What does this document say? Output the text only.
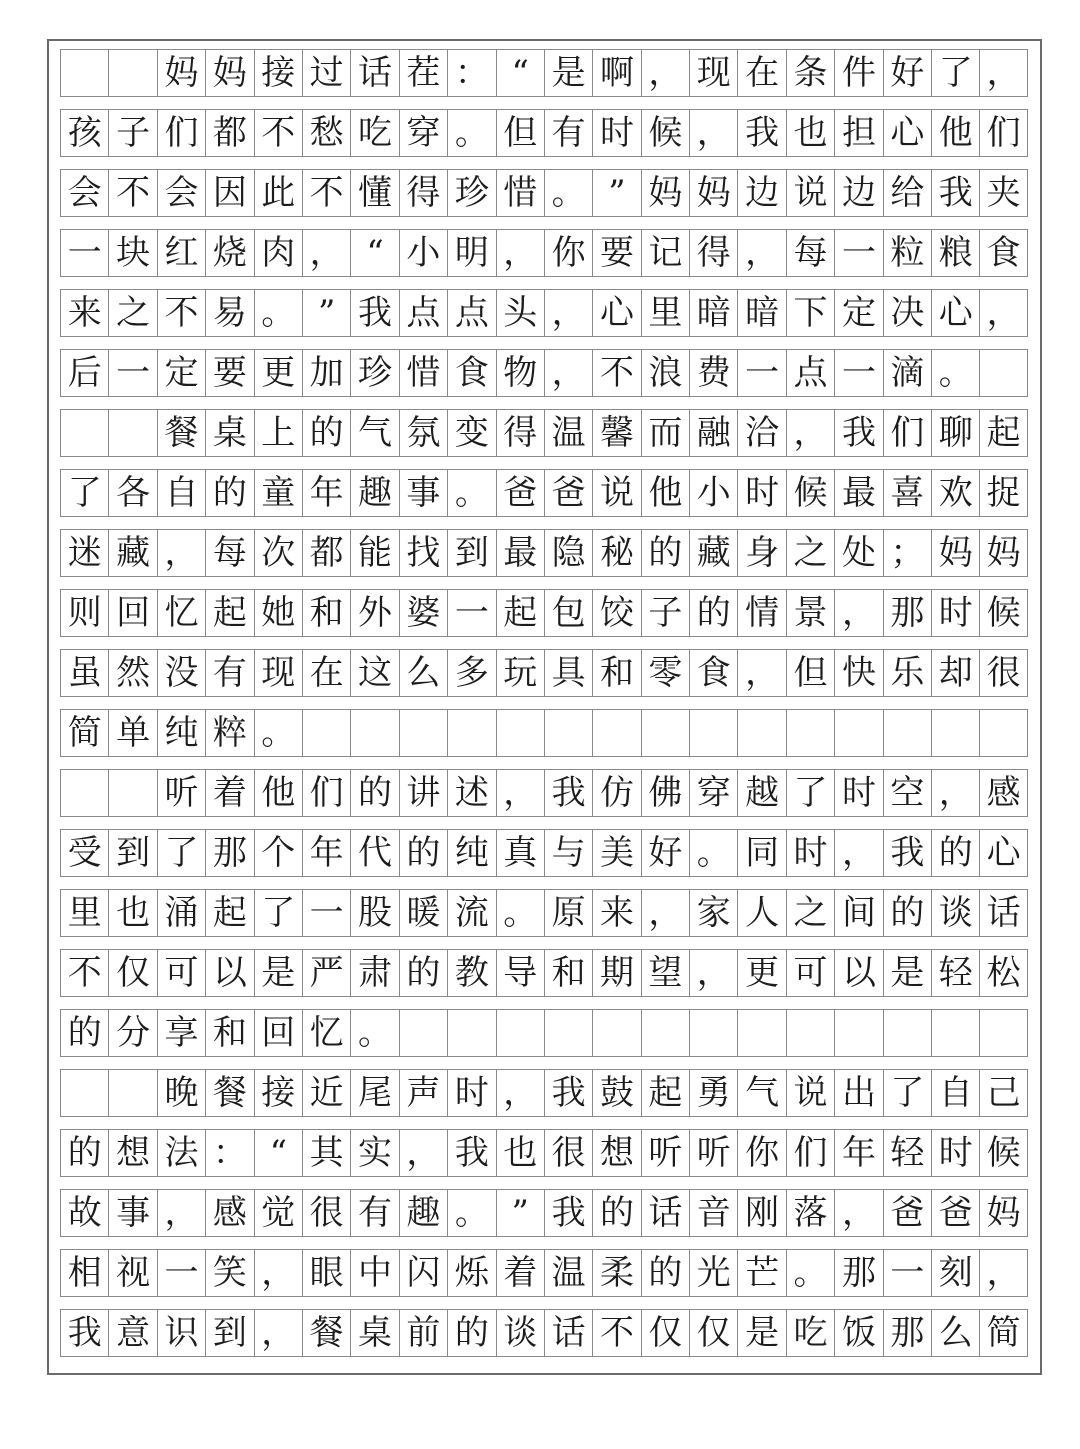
妈 妈 接 过 话 茬 ： “ 是 啊 ， 现 在 条 件 好 了 ，
孩 子 们 都 不 愁 吃 穿 。 但 有 时 候 ， 我 也 担 心 他 们
会 不 会 因 此 不 懂 得 珍 惜 。 ” 妈 妈 边 说 边 给 我 夹
一 块 红 烧 肉 ， “ 小 明 ， 你 要 记 得 ， 每 一 粒 粮 食
来 之 不 易 。 ” 我 点 点 头 ， 心 里 暗 暗 下 定 决 心 ，
后 一 定 要 更 加 珍 惜 食 物 ， 不 浪 费 一 点 一 滴 。
餐 桌 上 的 气 氛 变 得 温 馨 而 融 洽 ， 我 们 聊 起
了 各 自 的 童 年 趣 事 。 爸 爸 说 他 小 时 候 最 喜 欢 捉
迷 藏 ， 每 次 都 能 找 到 最 隐 秘 的 藏 身 之 处 ； 妈 妈
则 回 忆 起 她 和 外 婆 一 起 包 饺 子 的 情 景 ， 那 时 候
虽 然 没 有 现 在 这 么 多 玩 具 和 零 食 ， 但 快 乐 却 很
简 单 纯 粹 。
听 着 他 们 的 讲 述 ， 我 仿 佛 穿 越 了 时 空 ， 感
受 到 了 那 个 年 代 的 纯 真 与 美 好 。 同 时 ， 我 的 心
里 也 涌 起 了 一 股 暖 流 。 原 来 ， 家 人 之 间 的 谈 话
不 仅 可 以 是 严 肃 的 教 导 和 期 望 ， 更 可 以 是 轻 松
的 分 享 和 回 忆 。
晚 餐 接 近 尾 声 时 ， 我 鼓 起 勇 气 说 出 了 自 己
的 想 法 ： “ 其 实 ， 我 也 很 想 听 听 你 们 年 轻 时 候
故 事 ， 感 觉 很 有 趣 。 ” 我 的 话 音 刚 落 ， 爸 爸 妈
相 视 一 笑 ， 眼 中 闪 烁 着 温 柔 的 光 芒 。 那 一 刻 ，
我 意 识 到 ， 餐 桌 前 的 谈 话 不 仅 仅 是 吃 饭 那 么 简
